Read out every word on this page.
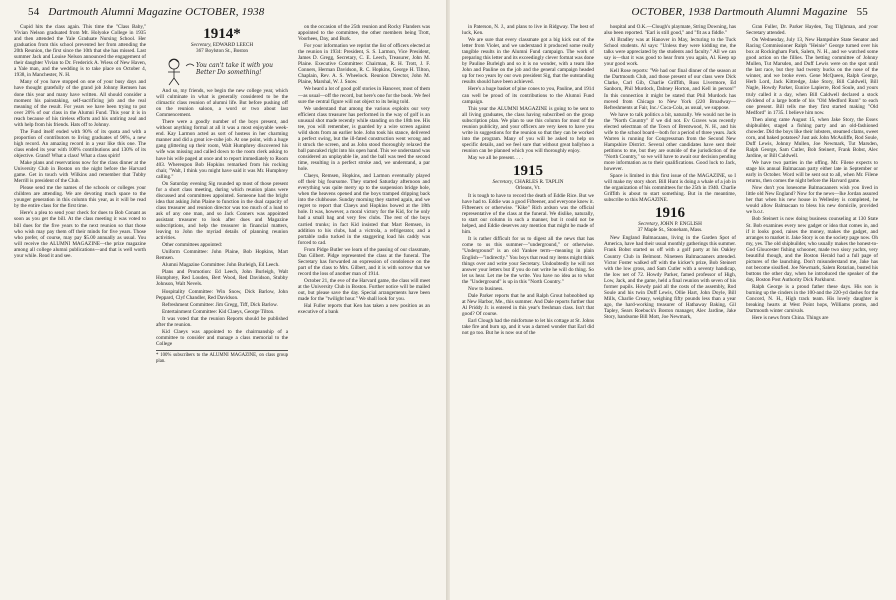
54 Dartmouth Alumni Magazine OCTOBER, 1938

Cupid hits the class again. This time the "Class Baby," Vivian Nelson graduated from Mt. Holyoke College in 1935 and then attended the Yale Graduate Nursing School. Her graduation from this school prevented her from attending the 20th Reunion, the first since the 10th that she has missed. Last summer Jack and Louise Nelson announced the engagement of their daughter Vivian to Dr. Frederick A. Wiess of New Haven, a Yale man, and the wedding is to take place on October 4, 1938, in Manchester, N. H.

Many of you have stopped on one of your busy days and have thought gratefully of the grand job Johnny Remsen has done this year and many have written. All should consider a moment his painstaking, self-sacrificing job and the real meaning of the result. For years we have been trying to put over 20% of our class in the Alumni Fund. This year it is in reach because of his tireless efforts and his untiring zeal and with help from his friends. Hats off to Johnny.

The Fund itself ended with 90% of its quota and with a proportion of contributors to living graduates of 96%, a new high record. An amazing record in a year like this one. The class ended its year with 100% contributions and 130% of its objective. Grand! What a class! What a class spirit!

Make plans and reservations now for the class dinner at the University Club in Boston on the night before the Harvard game. Get in touch with Wilkins and remember that Tubby Merrill is president of the Club.

Please send me the names of the schools or colleges your children are attending. We are devoting much space to the younger generation in this column this year, as it will be read by the entire class for the first time.

Here's a plea to send your check for dues to Bob Conant as soon as you get the bill. At the class meeting it was voted to bill dues for the five years to the next reunion so that those who wish may pay them off their minds for five years. Those who prefer, of course, may pay $5.00 annually as usual. You will receive the ALUMNI MAGAZINE—the prize magazine among all college alumni publications—and that is well worth your while. Read it and see.

1914*
Secretary, EDWARD LEECH
367 Boylston St., Boston
You can't take it with you
Better Do something!

And so, my friends, we begin the new college year, which will culminate in what is generally considered to be the climactic class reunion of alumni life. But before pushing off on the reunion saloon, a word or two about last Commencement.

There were a goodly number of the boys present, and without anything formal at all it was a most enjoyable week-end. Kay Larmon acted as sort of hostess in her charming manner and did a great ice-cube job. At one point, with a huge gang glittering up their room, Walt Humphrey discovered his wife was missing and called down to the room clerk asking to have his wife paged at once and to report immediately to Room 403. Whereupon Bob Hopkins remarked from his rocking chair, "Walt, I think you might have said it was Mr. Humphrey calling."

On Saturday evening Sig rounded up most of those present for a short class meeting, during which reunion plans were discussed and committees appointed. Someone had the bright idea that asking John Plaine to function in the dual capacity of class treasurer and reunion director was too much of a load to ask of any one man, and so Jack Conners was appointed assistant treasurer to look after dues and Magazine subscriptions, and help the treasurer in financial matters, leaving to John the myriad details of planning reunion activities.

Other committees appointed:

Uniform Committee: John Plaine, Bob Hopkins, Mart Remsen.

Alumni Magazine Committee: John Burleigh, Ed Leech.

Plans and Promotion: Ed Leech, John Burleigh, Walt Humphrey, Red Louden, Bert Wood, Red Davidson, Stubby Johnson, Walt Nevels.

Hospitality Committee: Win Snow, Dick Barlow, John Peppard, Clyf Chandler, Red Davidson.

Refreshment Committee: Jim Gregg, Tiff, Dick Barlow.

Entertainment Committee: Kid Claeys, George Tilton.

It was voted that the reunion Reports should be published after the reunion.

Kid Claeys was appointed to the chairmanship of a committee to consider and manage a class memorial to the College

* 100% subscribers to the ALUMNI MAGAZINE, on class group plan.

on the occasion of the 25th reunion and Rocky Flanders was appointed to the committee, the other members being Trott, Voorhees, Day, and Burk.

For your information we reprint the list of officers elected at the reunion in 1934: President, S. S. Larmon, Vice President, James D. Gregg, Secretary, C. E. Leech, Treasurer, John M. Plaine. Executive Committee: Chairman, R. H. Trott, J. F. Conners, Herman Davidson, R. C. Hopkins, George H. Tilton, Chaplain, Rev. A. S. Wheelock. Reunion Director, John M. Plaine, Marshal, W. J. Snow.

We heard a lot of good golf stories in Hanover, most of them—as usual—off the record, but here's one for the book. We feel sure the central figure will not object to its being told.

We understand that among the various exploits our very efficient class treasurer has performed in the way of golf is an unusual shot made recently while standing on the 18th tee. His tee, you will remember, is guarded by a wire screen against wild shots from an earlier hole. John took his stance, delivered a perfect swing, but the ill-fated construction went wrong and it struck the screen, and as John stood thoroughly relaxed the ball pancaked right into his open hand. This we understand was considered an unplayable lie, and the ball was teed the second time, resulting in a perfect stroke and, we understand, a par hole.

Claeys, Remsen, Hopkins, and Larmon eventually played off their big foursome. They started Saturday afternoon and everything was quite merry up to the suspension bridge hole, when the heavens opened and the boys tramped dripping back into the clubhouse. Sunday morning they started again, and we regret to report that Claeys and Hopkins bowed at the 18th hole. It was, however, a moral victory for the Kid, for he only had a small bag and very few clubs. The rest of the boys carried trunks; in fact Kid insisted that Mart Remsen, in addition to his clubs, had a victrola, a refrigerator, and a portable radio tucked in the staggering load his caddy was forced to cad.

From Pidge Butler we learn of the passing of our classmate, Dan Gilbert. Pidge represented the class at the funeral. The Secretary has forwarded an expression of condolence on the part of the class to Mrs. Gilbert, and it is with sorrow that we record the loss of another man of 1914.

October 21, the eve of the Harvard game, the class will meet at the University Club in Boston. Further notice will be mailed out, but please save the day. Special arrangements have been made for the "twilight hour." We shall look for you.

Hal Fuller reports that Ken has taken a new position as an executive of a bank

OCTOBER, 1938 Dartmouth Alumni Magazine 55

in Paterson, N. J., and plans to live in Ridgway. The best of luck, Ken.

We are sure that every classmate got a big kick out of the letter from Violet, and we understand it produced some really tangible results in the Alumni Fund campaign. The work of preparing this letter and its exceedingly clever format was done by Pauline Burleigh and so it is no wonder, with a team like John and Pauline on the job and the general campaign headed up for two years by our own president Sig, that the outstanding results should have been achieved.

Here's a huge basket of pine cones to you, Pauline, and 1914 can well be proud of its contributions to the Alumni Fund campaign.

This year the ALUMNI MAGAZINE is going to be sent to all living graduates, the class having subscribed on the group subscription plan. We plan to use this column for most of the reunion publicity, and your officers are very keen to have you write in suggestions for the reunion so that they can be worked into the program. Many of you will be asked to help on specific details, and we feel sure that without great ballyhoo a reunion can be planned which you will thoroughly enjoy.

May we all be present. . . .

1915
Secretary, CHARLES R. TAPLIN
Orleans, Vt.

It is tough to have to record the death of Eddie Rice. But we have had to. Eddie was a good Fifteener, and everyone knew it. Fifteeners or otherwise. "Kike" Rich ardson was the official representative of the class at the funeral. We dislike, naturally, to start our column in such a manner, but it could not be helped, and Eddie deserves any mention that might be made of him.

It is rather difficult for us to digest all the news that has come to us this summer—"underground," or otherwise. "Underground" is an old Yankee term—meaning in plain English—"indirectly." You boys that read my items might think things over and write your Secretary. Undoubtedly he will not answer your letters but if you do not write he will do thing. So let us hear. Let me be the write. You have no idea as to what the "Underground" is up in this "North Country."

Now to business.

Dale Parker reports that he and Ralph Grout hobnobbed up at New Harbor, Me., this summer. And Dale reports further that Al Priddy Jr. is entered in this year's freshman class. Isn't that good? Of course.

Earl Clough had the misfortune to let his cottage at St. Johns take fire and burn up, and it was a darned wonder that Earl did not go too. But he is now out of the

hospital and O.K.—Clough's playmate, String Downing, has also been reported. "Earl is still good," and "fit as a fiddle."

Al Bradley was at Hanover in May, lecturing to the Tuck School students. Al says: "Unless they were kidding me, the talks were appreciated by the students and faculty." All we can say is—that it was good to hear from you again, Al. Keep up your good work.

Kell Rose reports: "We had our final dinner of the season at the Dartmouth Club, and those present of our class were Dick Clarke, Carl Gib, Charlie Griffith, Russ Livermore, Ed Sanborn, Phil Murdock, Dabney Horton, and Kell in person!" In this connection it might be stated that Phil Murdock has moved from Chicago to New York (220 Broadway—Refreshments at Fair, Inc./ Coca-Cola, as usual, we suppose.

We have to talk politics a bit, naturally. We would not be in the "North Country" if we did not. Ev Graves was recently elected selectman of the Town of Brentwood, N. H., and his wife to the school board—both for a period of three years. Jack Warren is running for Congressman from the Second New Hampshire District. Several other candidates have sent their petitions to me, but they are outside of the jurisdiction of the "North Country," so we will have to await our decision pending more information as to their qualifications. Good luck to Jack, however.

Space is limited in this first issue of the MAGAZINE, so I will make my story short. Bill Hunt is doing a whale of a job in the organization of his committees for the 25th in 1940. Charlie Griffith is about to start something. But in the meantime, subscribe to this MAGAZINE.

1916
Secretary, JOHN P. ENGLISH
37 Maple St., Stoneham, Mass.

New England Balmacaans, living in the Garden Spot of America, have had their usual monthly gatherings this summer. Frank Bobst started us off with a golf party at his Oakley Country Club in Belmont. Nineteen Balmacaaners attended. Victor Foster walked off with the kicker's prize, Bob Steinert with the low gross, and Sam Cutler with a seventy handicap, the low net of 72. Howdy Parker, famed professor of High, Low, Jack, and the game, held a final reunion with seven of his former pupils. Howdy paid all the costs of the assembly, Rod Soule and his twin Duff Lewis, Ollie Hart, John Doyle, Bill Mills, Charlie Creasy, weighing fifty pounds less than a year ago, the hard-working treasurer of Hathaway Baking, Gil Tapley, Sears Roebuck's Boston manager, Alec Jardine, Jake Story, handsome Bill Mott, Joe Newmark,

Gran Fuller, Dr. Parker Hayden, Tog Tilghman, and your Secretary attended.

On Wednesday, July 13, New Hampshire State Senator and Racing Commissioner Ralph "Heinie" George turned over his box at Rockingham Park, Salem, N. H., and we watched some good action on the fillies. The betting committee of Johnny Mullen, Tut Marsden, and Duff Lewis were on the spot until the last race, but they had twenty bucks on the nose of the winner, and we broke even. Gene McQueen, Ralph George, Herb Lord, Jack Kittredge, Jake Story, Bill Caldwell, Bill Nagle, Howdy Parker, Eunice Lapierre, Rod Soule, and yours truly called it a day, when Bill Caldwell declared a stock dividend of a large bottle of his "Old Medford Rum" to each one present. Bill tells me they first started making "Old Medford" in 1735. I believe him now.

Then along came August 15, when Jake Story, the Essex shipbuilder, staged a fishing party and an old-fashioned chowder. Did the boys like their lobsters, steamed clams, sweet corn, and baked potatoes? Just ask John McAuliffe, Rod Soule, Duff Lewis, Johnny Mullen, Joe Newmark, Tut Marsden, Ralph George, Sam Cutler, Bob Steinert, Frank Bobst, Alec Jardine, or Bill Caldwell.

We have two parties in the offing. Mr. Filene expects to stage his annual Balmacaan party either late in September or early in October. Word will be sent out to all, when Mr. Filene returns, then comes the night before the Harvard game.

Now don't you lonesome Balmacaaners wish you lived in little old New England? Now for the news—Ike Jordan assured her that when his new house in Wellesley is completed, he would allow Balmacaan to bless his new domicile, provided we b.o.t.

Bob Steinert is now doing business counseling at 130 State St. Bob examines every new gadget or idea that comes in, and if it looks good, raises the money, makes the gadget, and arranges to market it. Jake Story is on the society page now. Oh my, yes. The old shipbuilder, who usually makes the honest-to-God Gloucester fishing schooner, made two sissy yachts, very beautiful though, and the Boston Herald had a full page of pictures of the launching. Don't misunderstand me, Jake has not become sissified. Joe Newmark, Salem Rotarian, busted his buttons the other day, when he introduced the speaker of the day, Boston Post Authority Dick Parkhurst.

Ralph George is a proud father these days. His son is burning up the cinders in the 100-and the 220-yd dashes for the Concord, N. H., High track team. His lovely daughter is breaking hearts at West Point hops, Williams proms, and Dartmouth winter carnivals.

Here is news from China. Things are
